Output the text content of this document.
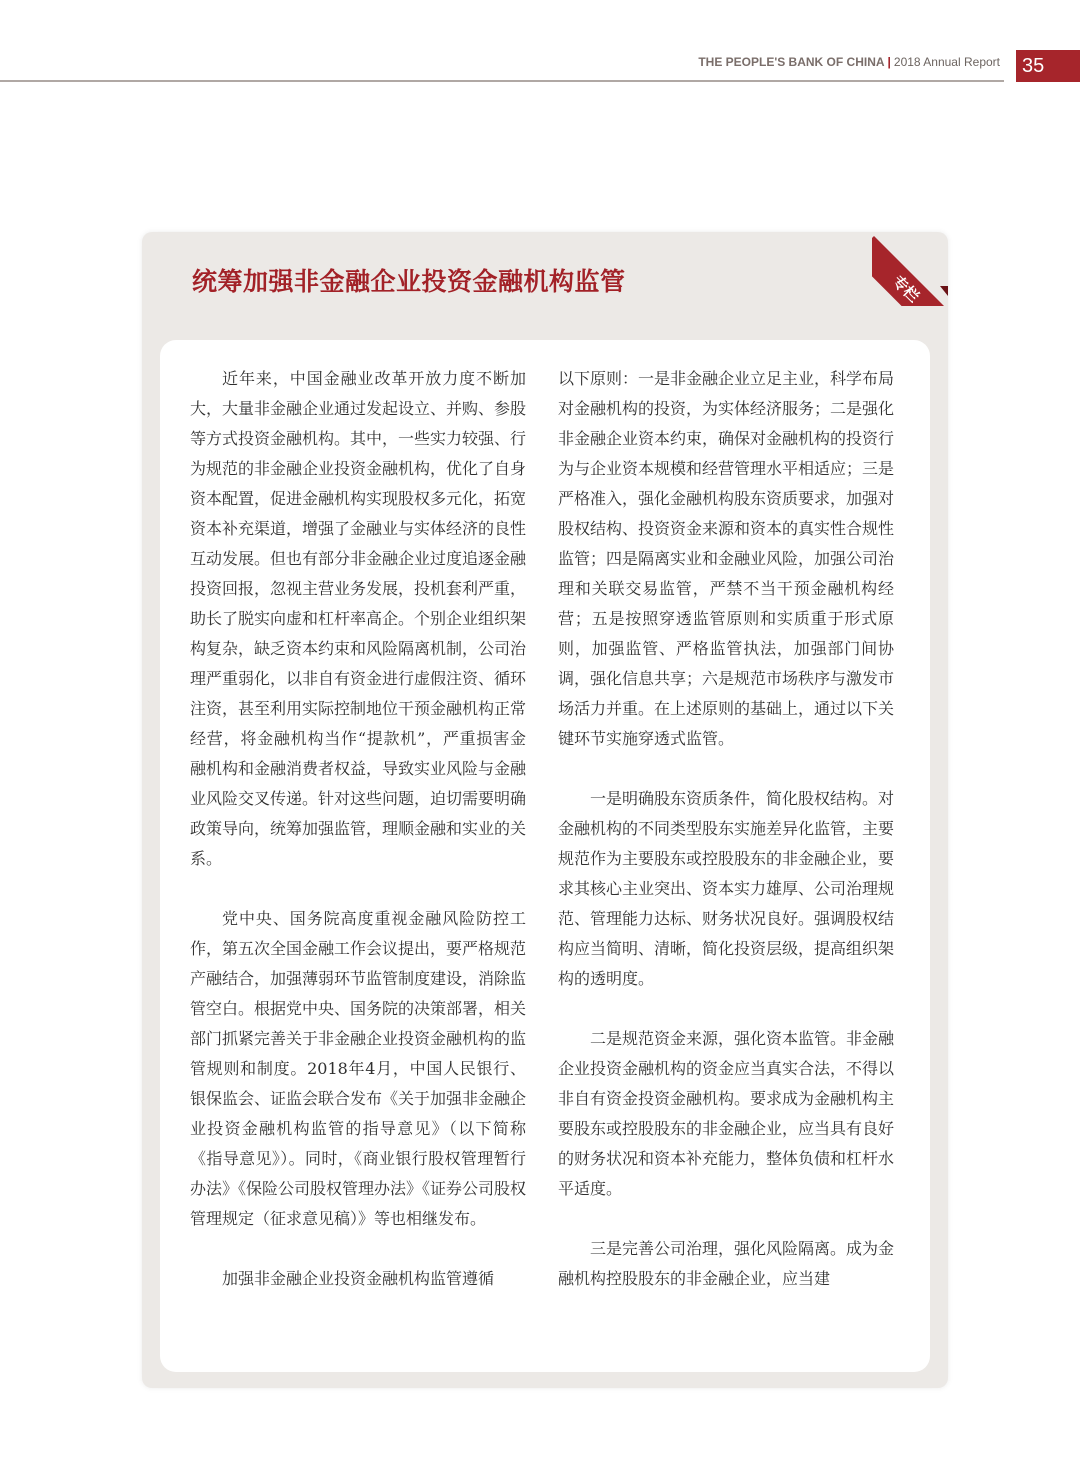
THE PEOPLE'S BANK OF CHINA | 2018 Annual Report	35
专栏
统筹加强非金融企业投资金融机构监管

近年来，中国金融业改革开放力度不断加大，大量非金融企业通过发起设立、并购、参股等方式投资金融机构。其中，一些实力较强、行为规范的非金融企业投资金融机构，优化了自身资本配置，促进金融机构实现股权多元化，拓宽资本补充渠道，增强了金融业与实体经济的良性互动发展。但也有部分非金融企业过度追逐金融投资回报，忽视主营业务发展，投机套利严重，助长了脱实向虚和杠杆率高企。个别企业组织架构复杂，缺乏资本约束和风险隔离机制，公司治理严重弱化，以非自有资金进行虚假注资、循环注资，甚至利用实际控制地位干预金融机构正常经营，将金融机构当作“提款机”，严重损害金融机构和金融消费者权益，导致实业风险与金融业风险交叉传递。针对这些问题，迫切需要明确政策导向，统筹加强监管，理顺金融和实业的关系。

党中央、国务院高度重视金融风险防控工作，第五次全国金融工作会议提出，要严格规范产融结合，加强薄弱环节监管制度建设，消除监管空白。根据党中央、国务院的决策部署，相关部门抓紧完善关于非金融企业投资金融机构的监管规则和制度。2018年4月，中国人民银行、银保监会、证监会联合发布《关于加强非金融企业投资金融机构监管的指导意见》（以下简称《指导意见》）。同时，《商业银行股权管理暂行办法》《保险公司股权管理办法》《证券公司股权管理规定（征求意见稿）》等也相继发布。

加强非金融企业投资金融机构监管遵循

以下原则：一是非金融企业立足主业，科学布局对金融机构的投资，为实体经济服务；二是强化非金融企业资本约束，确保对金融机构的投资行为与企业资本规模和经营管理水平相适应；三是严格准入，强化金融机构股东资质要求，加强对股权结构、投资资金来源和资本的真实性合规性监管；四是隔离实业和金融业风险，加强公司治理和关联交易监管，严禁不当干预金融机构经营；五是按照穿透监管原则和实质重于形式原则，加强监管、严格监管执法，加强部门间协调，强化信息共享；六是规范市场秩序与激发市场活力并重。在上述原则的基础上，通过以下关键环节实施穿透式监管。

一是明确股东资质条件，简化股权结构。对金融机构的不同类型股东实施差异化监管，主要规范作为主要股东或控股股东的非金融企业，要求其核心主业突出、资本实力雄厚、公司治理规范、管理能力达标、财务状况良好。强调股权结构应当简明、清晰，简化投资层级，提高组织架构的透明度。

二是规范资金来源，强化资本监管。非金融企业投资金融机构的资金应当真实合法，不得以非自有资金投资金融机构。要求成为金融机构主要股东或控股股东的非金融企业，应当具有良好的财务状况和资本补充能力，整体负债和杠杆水平适度。

三是完善公司治理，强化风险隔离。成为金融机构控股股东的非金融企业，应当建
